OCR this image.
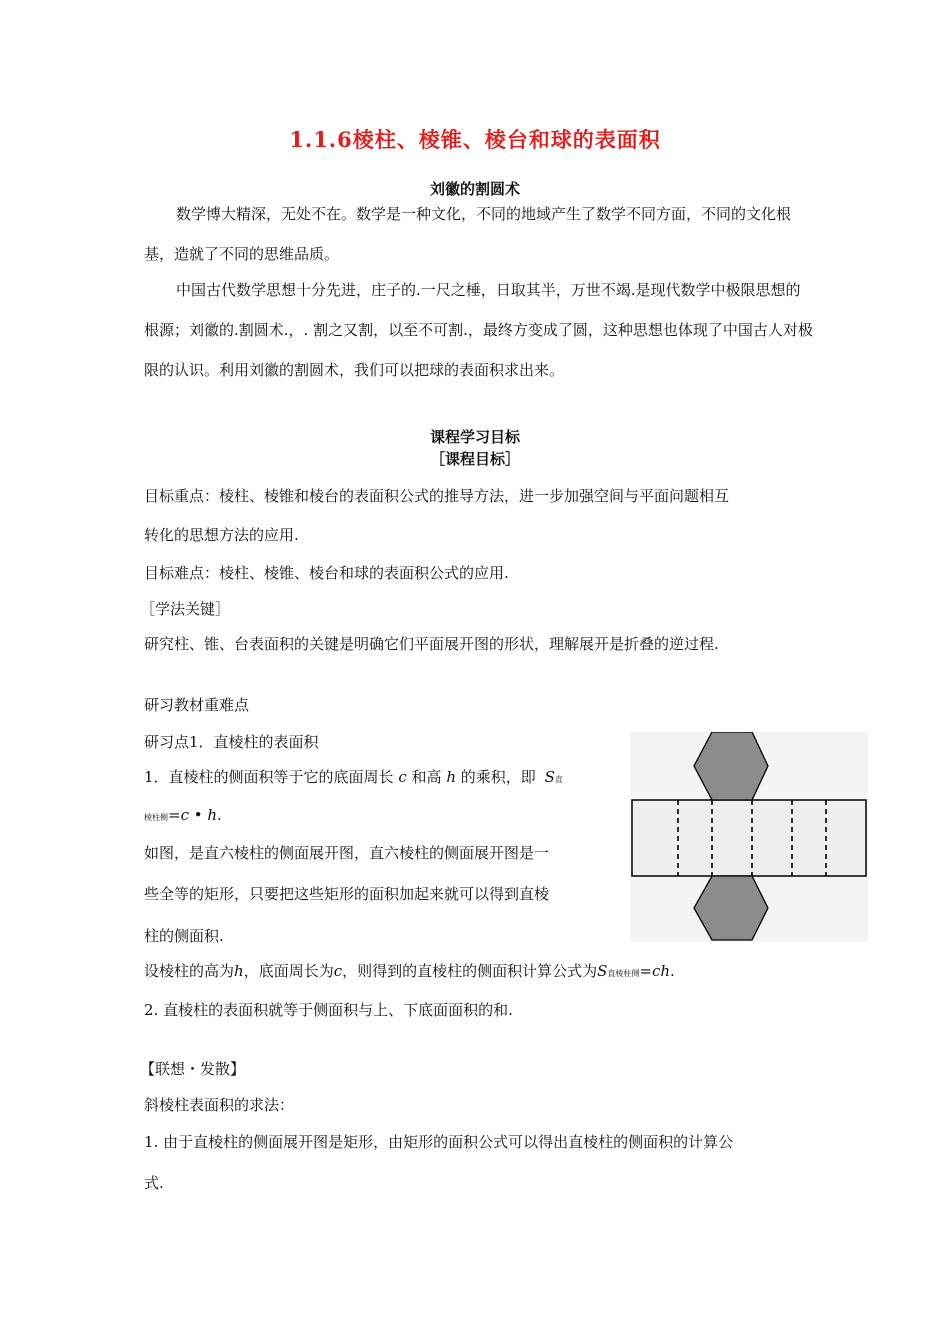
1.1.6棱柱、棱锥、棱台和球的表面积
刘徽的割圆术
数学博大精深，无处不在。数学是一种文化，不同的地域产生了数学不同方面，不同的文化根基，造就了不同的思维品质。
中国古代数学思想十分先进，庄子的.一尺之棰，日取其半，万世不竭.是现代数学中极限思想的根源；刘徽的.割圆术.，. 割之又割，以至不可割.，最终方变成了圆，这种思想也体现了中国古人对极限的认识。利用刘徽的割圆术，我们可以把球的表面积求出来。
课程学习目标
［课程目标］
目标重点：棱柱、棱锥和棱台的表面积公式的推导方法，进一步加强空间与平面问题相互
转化的思想方法的应用.
目标难点：棱柱、棱锥、棱台和球的表面积公式的应用.
［学法关键］
研究柱、锥、台表面积的关键是明确它们平面展开图的形状，理解展开是折叠的逆过程.
研习教材重难点
研习点1．直棱柱的表面积
1．直棱柱的侧面积等于它的底面周长 c 和高 h 的乘积，即 S直
棱柱侧=c • h.
如图，是直六棱柱的侧面展开图，直六棱柱的侧面展开图是一
些全等的矩形，只要把这些矩形的面积加起来就可以得到直棱
柱的侧面积.
设棱柱的高为h，底面周长为c，则得到的直棱柱的侧面积计算公式为S直棱柱侧=ch.
2. 直棱柱的表面积就等于侧面积与上、下底面面积的和.
【联想・发散】
斜棱柱表面积的求法：
1. 由于直棱柱的侧面展开图是矩形，由矩形的面积公式可以得出直棱柱的侧面积的计算公
式.
